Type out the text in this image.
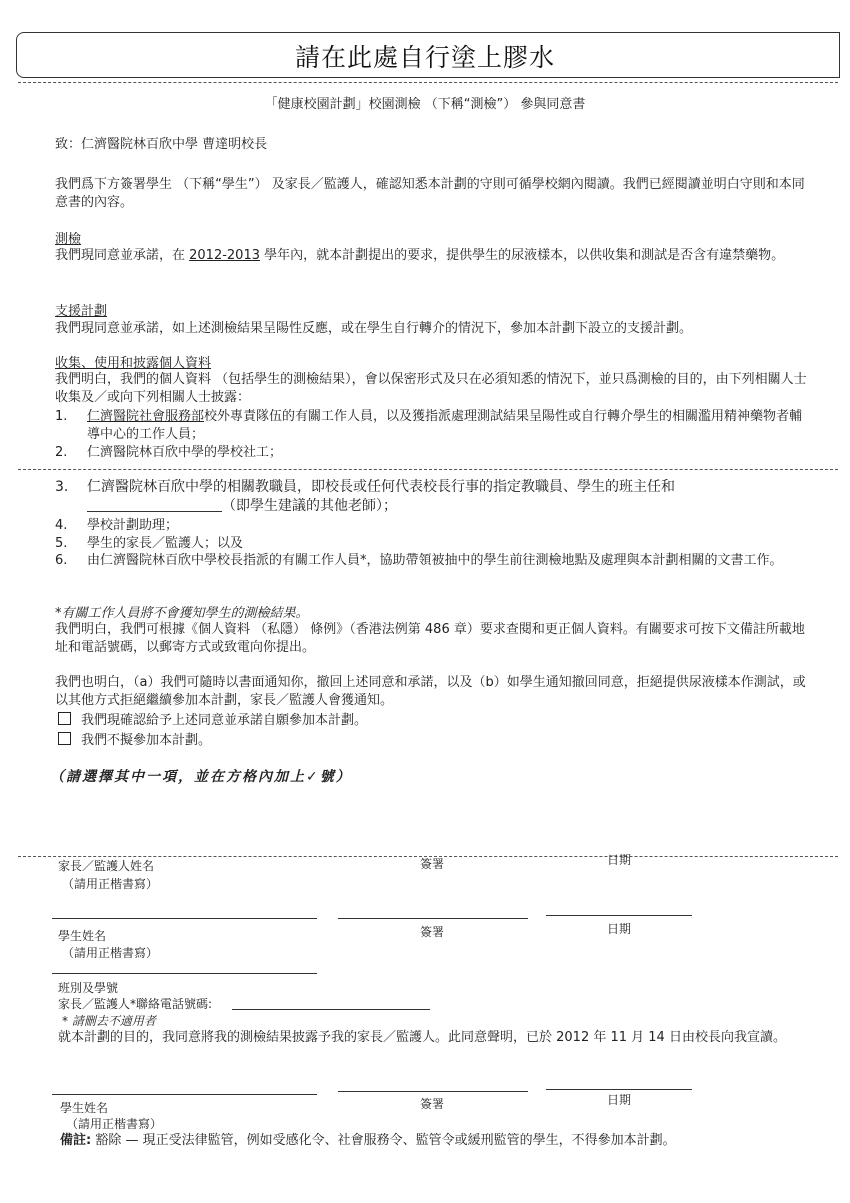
請在此處自行塗上膠水
「健康校園計劃」校園測檢 （下稱“測檢”） 參與同意書
致：仁濟醫院林百欣中學 曹達明校長
我們爲下方簽署學生 （下稱“學生”） 及家長／監護人，確認知悉本計劃的守則可循學校網內閱讀。我們已經閱讀並明白守則和本同意書的內容。
測檢
我們現同意並承諾，在 2012-2013 學年內，就本計劃提出的要求，提供學生的尿液樣本，以供收集和測試是否含有違禁藥物。
支援計劃
我們現同意並承諾，如上述測檢結果呈陽性反應，或在學生自行轉介的情況下，參加本計劃下設立的支援計劃。
收集、使用和披露個人資料
我們明白，我們的個人資料 （包括學生的測檢結果），會以保密形式及只在必須知悉的情況下，並只爲測檢的目的，由下列相關人士收集及／或向下列相關人士披露：
1.	仁濟醫院社會服務部校外專責隊伍的有關工作人員，以及獲指派處理測試結果呈陽性或自行轉介學生的相關濫用精神藥物者輔導中心的工作人員；
2.	仁濟醫院林百欣中學的學校社工；
3.	仁濟醫院林百欣中學的相關教職員，即校長或任何代表校長行事的指定教職員、學生的班主任和
（即學生建議的其他老師）；
4.	學校計劃助理；
5.	學生的家長／監護人；以及
6.	由仁濟醫院林百欣中學校長指派的有關工作人員*，協助帶領被抽中的學生前往測檢地點及處理與本計劃相關的文書工作。
*有關工作人員將不會獲知學生的測檢結果。
我們明白，我們可根據《個人資料 （私隱） 條例》（香港法例第 486 章）要求查閱和更正個人資料。有關要求可按下文備註所載地址和電話號碼，以郵寄方式或致電向你提出。
我們也明白，（a）我們可隨時以書面通知你，撤回上述同意和承諾，以及（b）如學生通知撤回同意，拒絕提供尿液樣本作測試，或以其他方式拒絕繼續參加本計劃，家長／監護人會獲通知。
我們現確認給予上述同意並承諾自願參加本計劃。
我們不擬參加本計劃。
（請選擇其中一項，並在方格內加上✓號）
家長／監護人姓名
（請用正楷書寫）
簽署	日期
學生姓名
（請用正楷書寫）
簽署	日期
班別及學號
家長／監護人*聯絡電話號碼:
* 請刪去不適用者
就本計劃的目的，我同意將我的測檢結果披露予我的家長／監護人。此同意聲明，已於 2012 年 11 月 14 日由校長向我宣讀。
學生姓名	簽署	日期
（請用正楷書寫）
備註: 豁除 — 現正受法律監管，例如受感化令、社會服務令、監管令或緩刑監管的學生，不得參加本計劃。
